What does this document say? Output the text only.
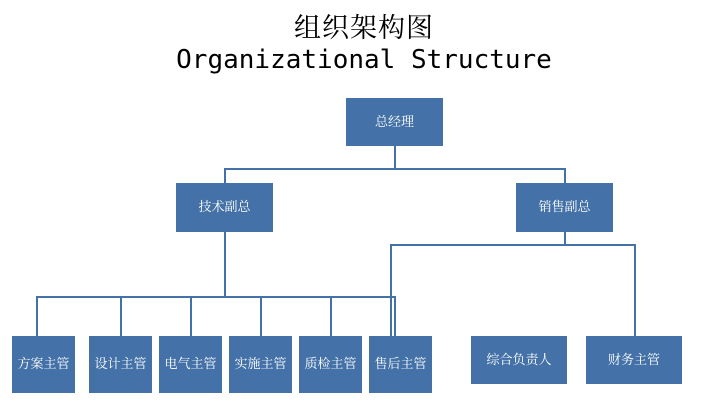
组织架构图
Organizational Structure
总经理
技术副总	销售副总
方案主管	设计主管	电气主管	实施主管	质检主管	售后主管	综合负责人	财务主管
